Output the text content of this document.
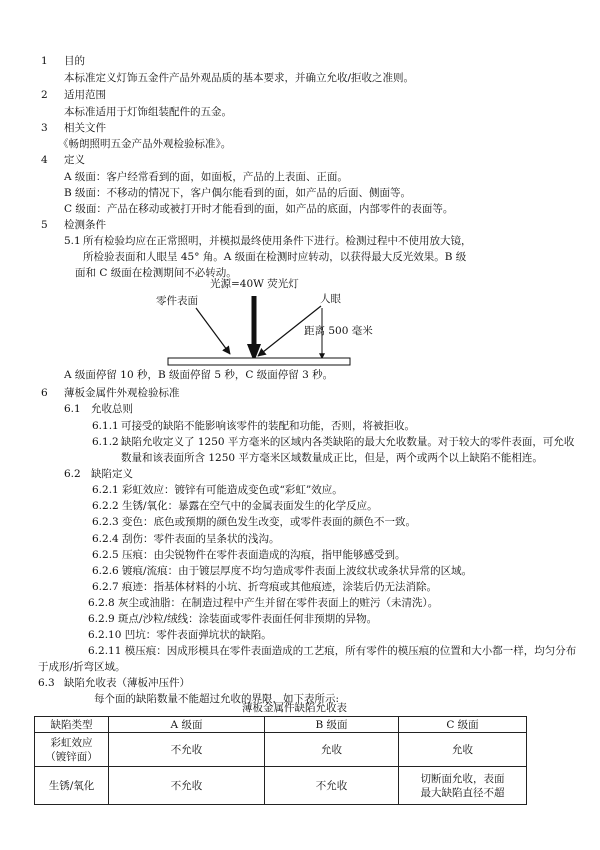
1 目的
本标准定义灯饰五金件产品外观品质的基本要求，并确立允收/拒收之准则。
2 适用范围
本标准适用于灯饰组装配件的五金。
3 相关文件
《畅朗照明五金产品外观检验标准》。
4 定义
A 级面：客户经常看到的面，如面板，产品的上表面、正面。
B 级面：不移动的情况下，客户偶尔能看到的面，如产品的后面、侧面等。
C 级面：产品在移动或被打开时才能看到的面，如产品的底面，内部零件的表面等。
5 检测条件
5.1 所有检验均应在正常照明，并模拟最终使用条件下进行。检测过程中不使用放大镜，
所检验表面和人眼呈 45° 角。A 级面在检测时应转动，以获得最大反光效果。B 级
面和 C 级面在检测期间不必转动。
光源=40W 荧光灯
零件表面	人眼
距离 500 毫米
A 级面停留 10 秒，B 级面停留 5 秒，C 级面停留 3 秒。
6 薄板金属件外观检验标准
6.1 允收总则
6.1.1 可接受的缺陷不能影响该零件的装配和功能，否则，将被拒收。
6.1.2 缺陷允收定义了 1250 平方毫米的区域内各类缺陷的最大允收数量。对于较大的零件表面，可允收
数量和该表面所含 1250 平方毫米区域数量成正比，但是，两个或两个以上缺陷不能相连。
6.2 缺陷定义
6.2.1 彩虹效应：镀锌有可能造成变色或“彩虹”效应。
6.2.2 生锈/氧化：暴露在空气中的金属表面发生的化学反应。
6.2.3 变色：底色或预期的颜色发生改变，或零件表面的颜色不一致。
6.2.4 刮伤：零件表面的呈条状的浅沟。
6.2.5 压痕：由尖锐物件在零件表面造成的沟痕，指甲能够感受到。
6.2.6 镀痕/流痕：由于镀层厚度不均匀造成零件表面上波纹状或条状异常的区域。
6.2.7 痕迹：指基体材料的小坑、折弯痕或其他痕迹，涂装后仍无法消除。
6.2.8 灰尘或油脂：在制造过程中产生并留在零件表面上的赃污（未清洗）。
6.2.9 斑点/沙粒/绒线：涂装面或零件表面任何非预期的异物。
6.2.10 凹坑：零件表面弹坑状的缺陷。
6.2.11 模压痕：因成形模具在零件表面造成的工艺痕，所有零件的模压痕的位置和大小都一样，均匀分布
于成形/折弯区域。
6.3 缺陷允收表（薄板冲压件）
每个面的缺陷数量不能超过允收的界限，如下表所示:
薄板金属件缺陷允收表
缺陷类型	A 级面	B 级面	C 级面

彩虹效应
（镀锌面）	不允收	允收	允收
生锈/氧化	不允收	不允收	切断面允收，表面
最大缺陷直径不超
